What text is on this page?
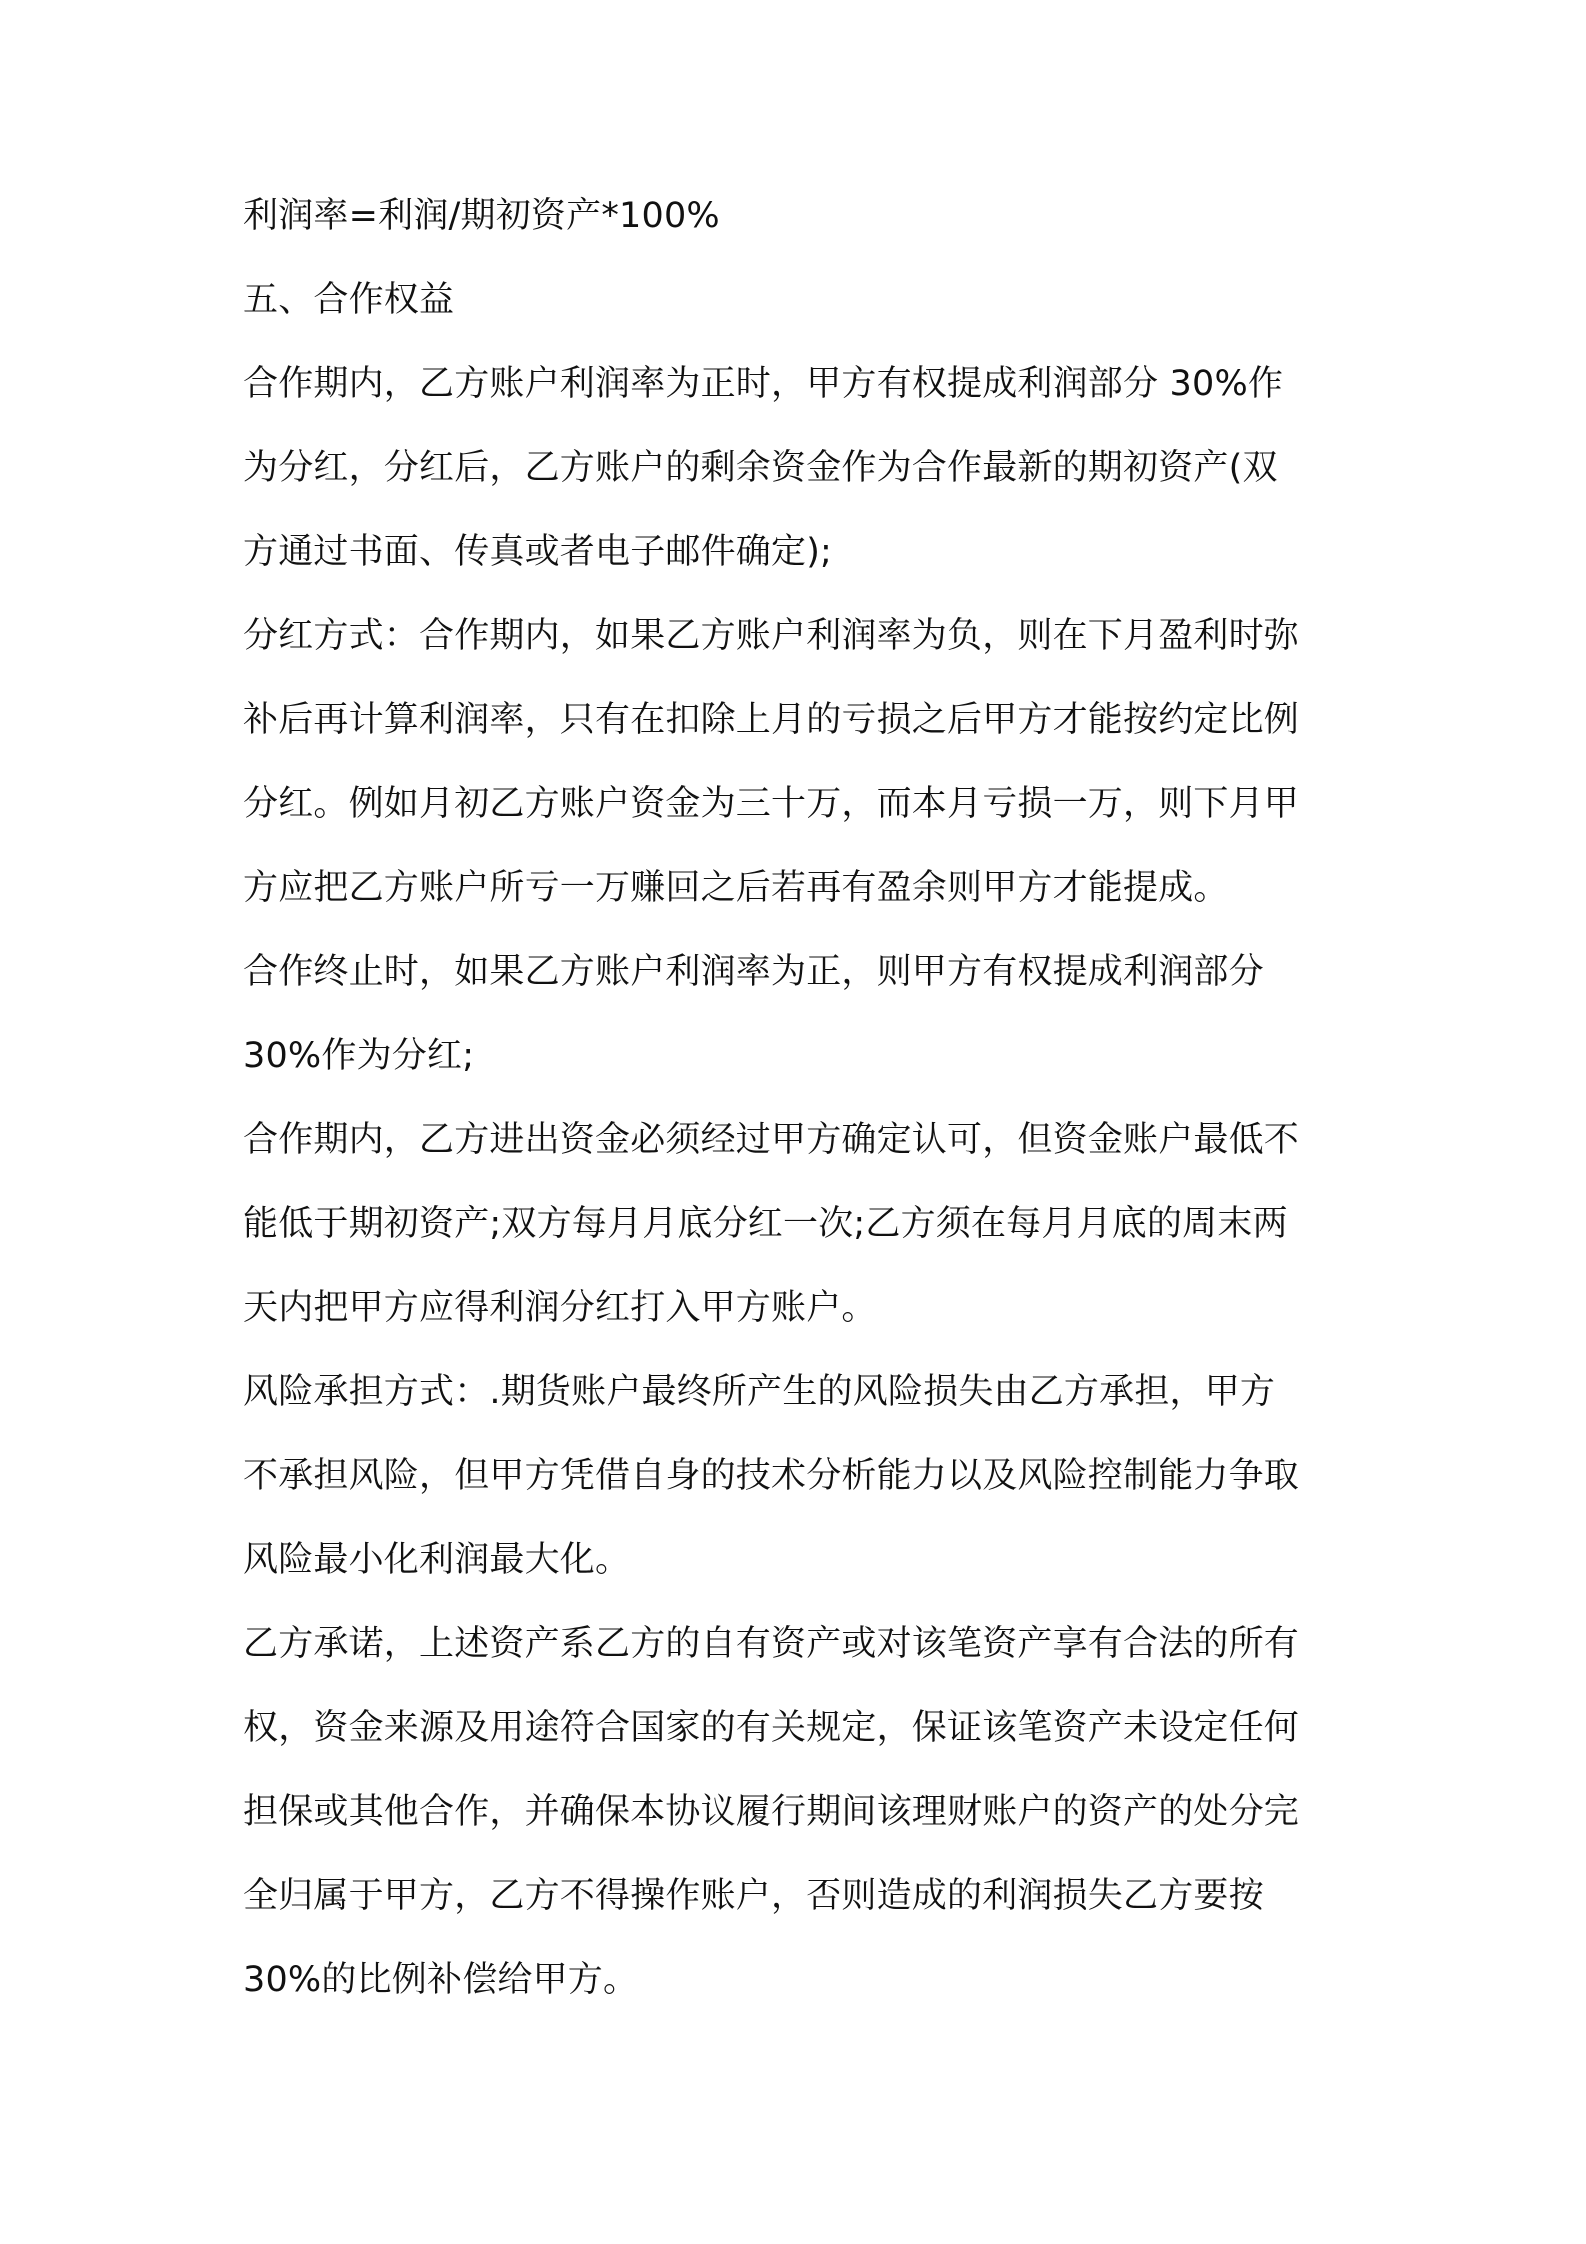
利润率=利润/期初资产*100%
五、合作权益
合作期内，乙方账户利润率为正时，甲方有权提成利润部分 30%作
为分红，分红后，乙方账户的剩余资金作为合作最新的期初资产(双
方通过书面、传真或者电子邮件确定);
分红方式：合作期内，如果乙方账户利润率为负，则在下月盈利时弥
补后再计算利润率，只有在扣除上月的亏损之后甲方才能按约定比例
分红。例如月初乙方账户资金为三十万，而本月亏损一万，则下月甲
方应把乙方账户所亏一万赚回之后若再有盈余则甲方才能提成。
合作终止时，如果乙方账户利润率为正，则甲方有权提成利润部分
30%作为分红;
合作期内，乙方进出资金必须经过甲方确定认可，但资金账户最低不
能低于期初资产;双方每月月底分红一次;乙方须在每月月底的周末两
天内把甲方应得利润分红打入甲方账户。
风险承担方式：.期货账户最终所产生的风险损失由乙方承担，甲方
不承担风险，但甲方凭借自身的技术分析能力以及风险控制能力争取
风险最小化利润最大化。
乙方承诺，上述资产系乙方的自有资产或对该笔资产享有合法的所有
权，资金来源及用途符合国家的有关规定，保证该笔资产未设定任何
担保或其他合作，并确保本协议履行期间该理财账户的资产的处分完
全归属于甲方，乙方不得操作账户，否则造成的利润损失乙方要按
30%的比例补偿给甲方。
